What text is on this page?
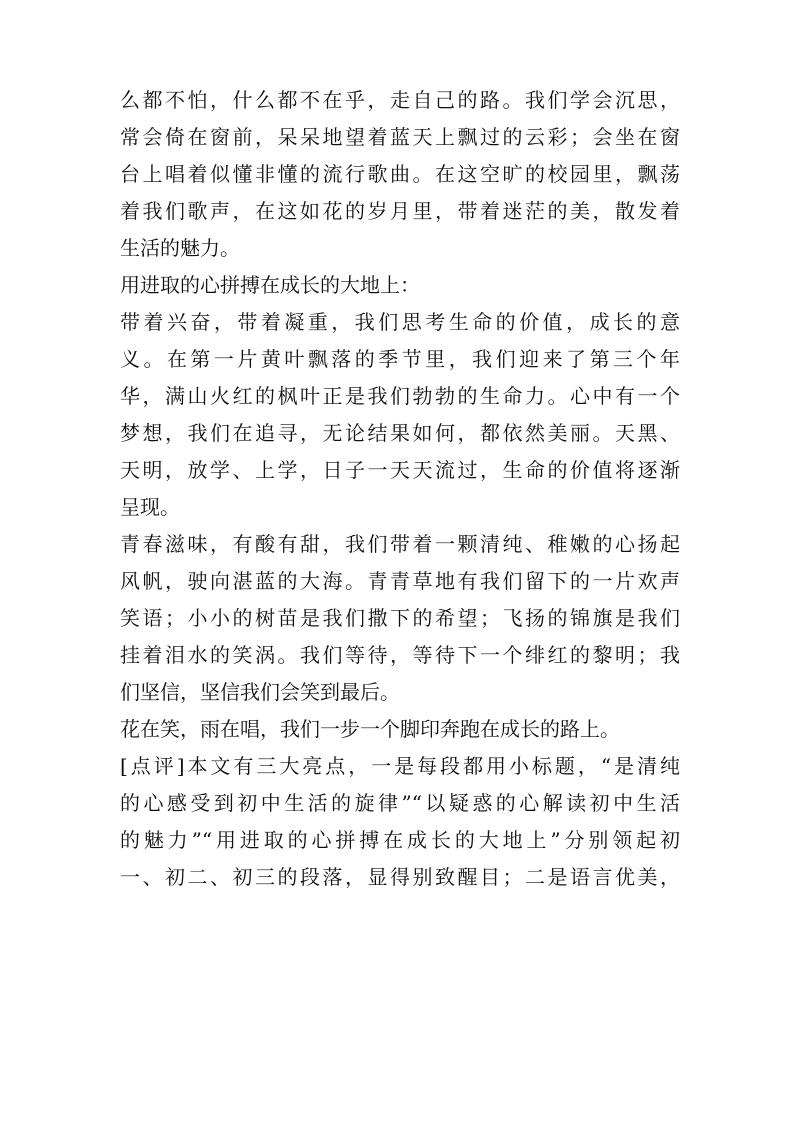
么都不怕，什么都不在乎，走自己的路。我们学会沉思，
常会倚在窗前，呆呆地望着蓝天上飘过的云彩；会坐在窗
台上唱着似懂非懂的流行歌曲。在这空旷的校园里，飘荡
着我们歌声，在这如花的岁月里，带着迷茫的美，散发着
生活的魅力。
用进取的心拼搏在成长的大地上：
带着兴奋，带着凝重，我们思考生命的价值，成长的意
义。在第一片黄叶飘落的季节里，我们迎来了第三个年
华，满山火红的枫叶正是我们勃勃的生命力。心中有一个
梦想，我们在追寻，无论结果如何，都依然美丽。天黑、
天明，放学、上学，日子一天天流过，生命的价值将逐渐
呈现。
青春滋味，有酸有甜，我们带着一颗清纯、稚嫩的心扬起
风帆，驶向湛蓝的大海。青青草地有我们留下的一片欢声
笑语；小小的树苗是我们撒下的希望；飞扬的锦旗是我们
挂着泪水的笑涡。我们等待，等待下一个绯红的黎明；我
们坚信，坚信我们会笑到最后。
花在笑，雨在唱，我们一步一个脚印奔跑在成长的路上。
[点评]本文有三大亮点，一是每段都用小标题，“是清纯
的心感受到初中生活的旋律”“以疑惑的心解读初中生活
的魅力”“用进取的心拼搏在成长的大地上”分别领起初
一、初二、初三的段落，显得别致醒目；二是语言优美，
